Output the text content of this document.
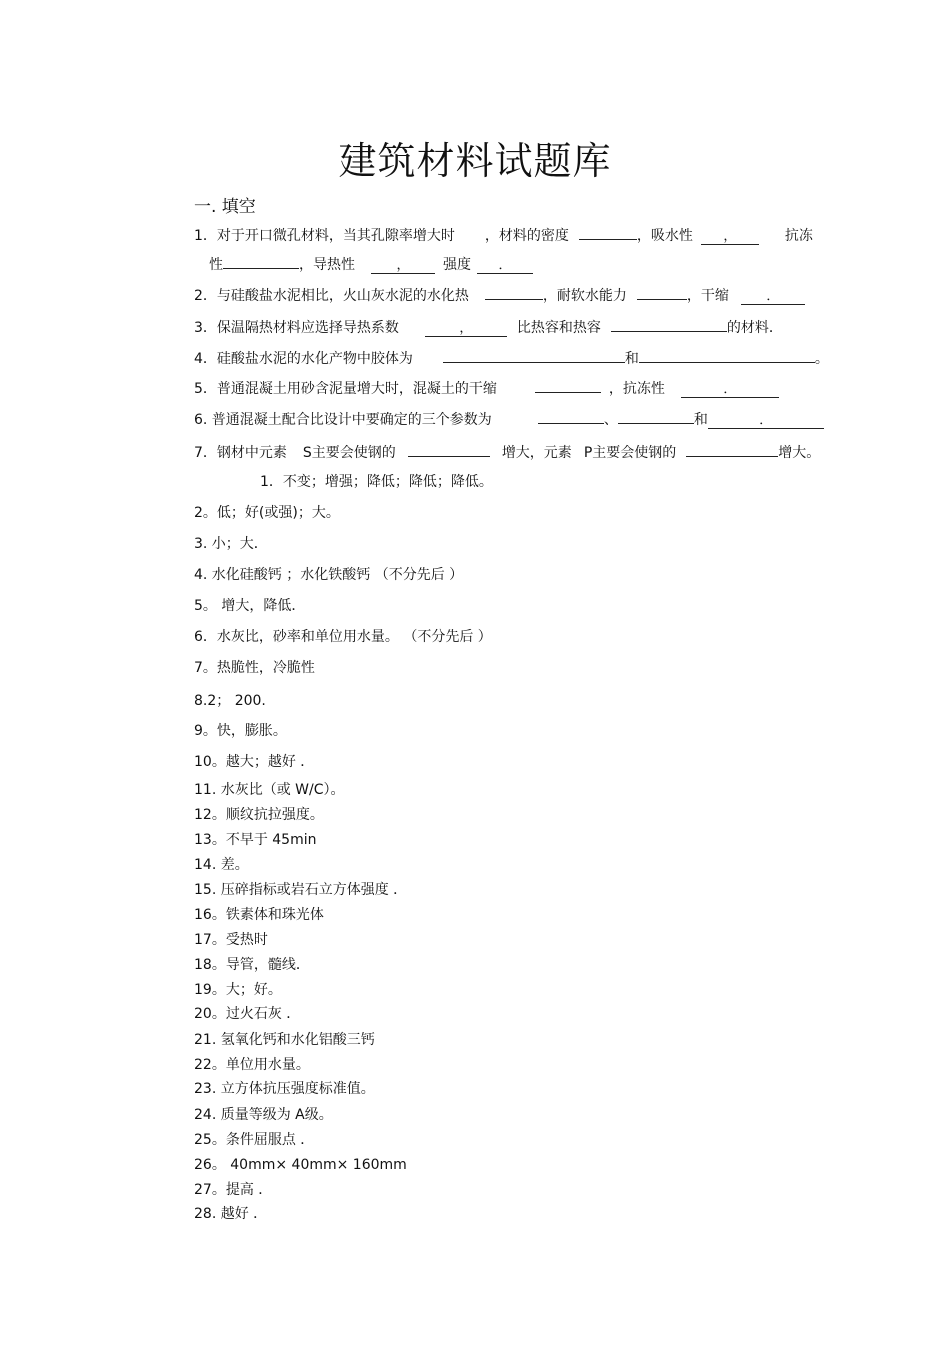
建筑材料试题库
一. 填空
1．对于开口微孔材料，当其孔隙率增大时 ，材料的密度	，吸水性 ，	抗冻
性	，导热性	， 强度 ．
2．与硅酸盐水泥相比，火山灰水泥的水化热	，耐软水能力	，干缩	．
3．保温隔热材料应选择导热系数	，	比热容和热容	的材料．
4．硅酸盐水泥的水化产物中胶体为	和	。
5．普通混凝土用砂含泥量增大时，混凝土的干缩	，抗冻性	．
6. 普通混凝土配合比设计中要确定的三个参数为	、	和	．
7．钢材中元素 S主要会使钢的	增大，元素 P主要会使钢的	增大。
1．不变；增强；降低；降低；降低。
2。低；好(或强)；大。
3. 小；大．
4. 水化硅酸钙 ；水化铁酸钙 （不分先后 ）
5。 增大，降低．
6．水灰比，砂率和单位用水量。 （不分先后 ）
7。热脆性，冷脆性
8.2； 200.
9。快，膨胀。
10。越大；越好 ．
11. 水灰比（或 W/C）。
12。顺纹抗拉强度。
13。不早于 45min
14. 差。
15. 压碎指标或岩石立方体强度 ．
16。铁素体和珠光体
17。受热时
18。导管，髓线．
19。大；好。
20。过火石灰 ．
21. 氢氧化钙和水化铝酸三钙
22。单位用水量。
23. 立方体抗压强度标准值。
24. 质量等级为 A级。
25。条件屈服点 ．
26。 40mm× 40mm× 160mm
27。提高 ．
28. 越好 ．
